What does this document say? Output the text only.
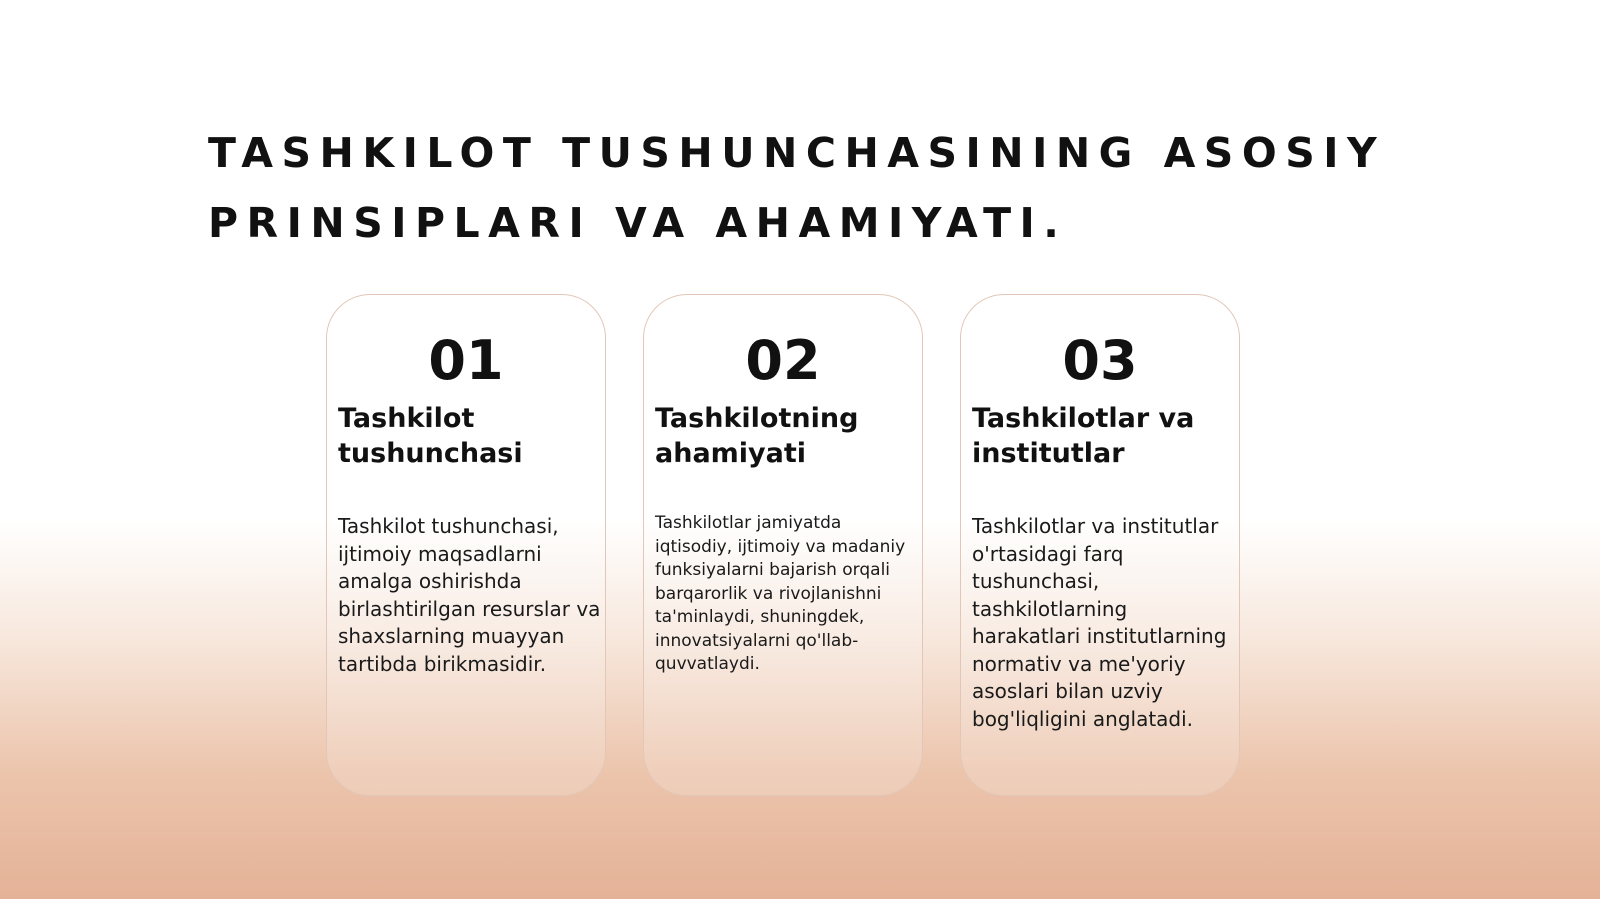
TASHKILOT TUSHUNCHASINING ASOSIY PRINSIPLARI VA AHAMIYATI.
01
Tashkilot tushunchasi
Tashkilot tushunchasi, ijtimoiy maqsadlarni amalga oshirishda birlashtirilgan resurslar va shaxslarning muayyan tartibda birikmasidir.
02
Tashkilotning ahamiyati
Tashkilotlar jamiyatda iqtisodiy, ijtimoiy va madaniy funksiyalarni bajarish orqali barqarorlik va rivojlanishni ta'minlaydi, shuningdek, innovatsiyalarni qo'llab-quvvatlaydi.
03
Tashkilotlar va institutlar
Tashkilotlar va institutlar o'rtasidagi farq tushunchasi, tashkilotlarning harakatlari institutlarning normativ va me'yoriy asoslari bilan uzviy bog'liqligini anglatadi.
